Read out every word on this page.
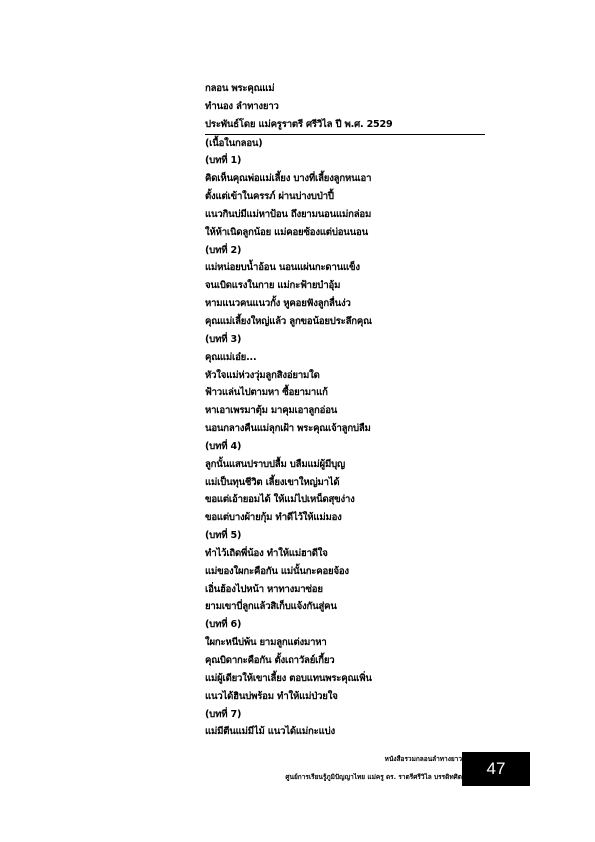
กลอน พระคุณแม่
ทำนอง ลำทางยาว
ประพันธ์โดย แม่ครูราตรี ศรีวิไล ปี พ.ศ. 2529
(เนื้อในกลอน)
(บทที่ 1)
คิดเห็นคุณพ่อแม่เลี้ยง บางที่เลี้ยงลูกหนเอา
ตั้งแต่เข้าในครรภ์ ผ่านบ่างบป่าปี้
แนวกินบ่มีแม่หาป้อน ถึงยามนอนแม่กล่อม
ให้ห้าเนิดลูกน้อย แม่คอยซ้องแต่บ่อนนอน
(บทที่ 2)
แม่หน่อยบน้ำอ้อน นอนแผ่นกะดานแข็ง
จนเบิดแรงในกาย แม่กะฟ้ายบำอุ้ม
หามแนวคนแนวกั้ง หูคอยฟังลูกลื่นง่ว
คุณแม่เลี้ยงใหญ่แล้ว ลูกขอน้อยประลึกคุณ
(บทที่ 3)
คุณแม่เอ๋ย...
หัวใจแม่ห่วงวุ่มลูกสิงอ่ยามใด
ฟ้าวแล่นไปตามหา ซื้อยามาแก้
หาเอาเพรมาตุ้ม มาคุมเอาลูกอ่อน
นอนกลางคืนแม่ลุกเฝ้า พระคุณเจ้าลูกบ่ลืม
(บทที่ 4)
ลูกนั้นแสนปราบปลื้ม บลืมแม่ผู้มีบุญ
แม่เป็นทุนชีวิต เลี้ยงเขาใหญ่มาได้
ขอแต่เอ้ายอมได้ ให้แม่ไปเหน็ดสุขง่าง
ขอแต่บางผ้ายกุ้ม ทำดีไว้ให้แม่มอง
(บทที่ 5)
ทำไว้เถิดพี่น้อง ทำให้แม่ฮาดีใจ
แม่ของใผกะคือกัน แม่นั้นกะคอยจ้อง
เอิ่นฮ้องไปหน้า หาทางมาซ่อย
ยามเขาบี่ลูกแล้วสิเก็บแจ้งกันสู่คน
(บทที่ 6)
ใผกะหนีบ่พ้น ยามลูกแต่งมาหา
คุณบิดากะคือกัน ตั้งเถาวัลย์เกี้ยว
แม่ผู้เดียวให้เขาเลี้ยง ตอบแทนพระคุณเพิ่น
แนวได้ฮินบ่พร้อม ทำให้แม่ป่วยใจ
(บทที่ 7)
แม่มีตีนแม่มีไม้ แนวได้แม่กะแบ่ง
หนังสือรวมกลอนลำทางยาว
ศูนย์การเรียนรู้ภูมิปัญญาไทย แม่ครู ดร. ราตรีศรีวิไล บรรดิทศิต 47
